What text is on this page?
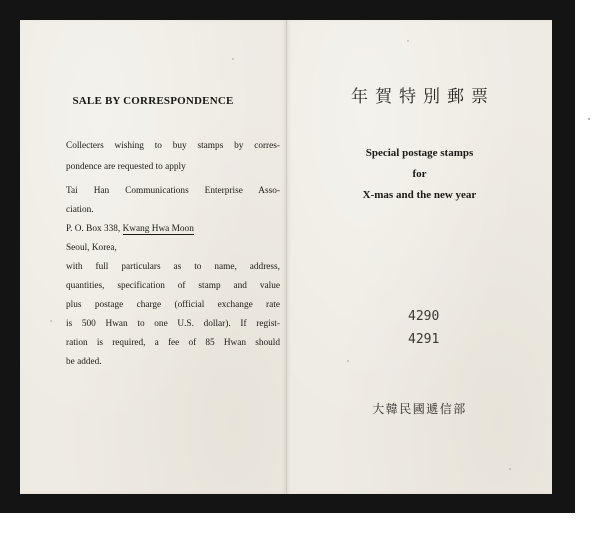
SALE BY CORRESPONDENCE
Collecters wishing to buy stamps by corres-
pondence are requested to apply
Tai Han Communications Enterprise Asso-
ciation.
P. O. Box 338, Kwang Hwa Moon
Seoul, Korea,
with full particulars as to name, address,
quantities, specification of stamp and value
plus postage charge (official exchange rate
is 500 Hwan to one U.S. dollar). If regist-
ration is required, a fee of 85 Hwan should
be added.
年賀特別郵票
Special postage stamps
for
X-mas and the new year
4290
4291
大韓民國遞信部
